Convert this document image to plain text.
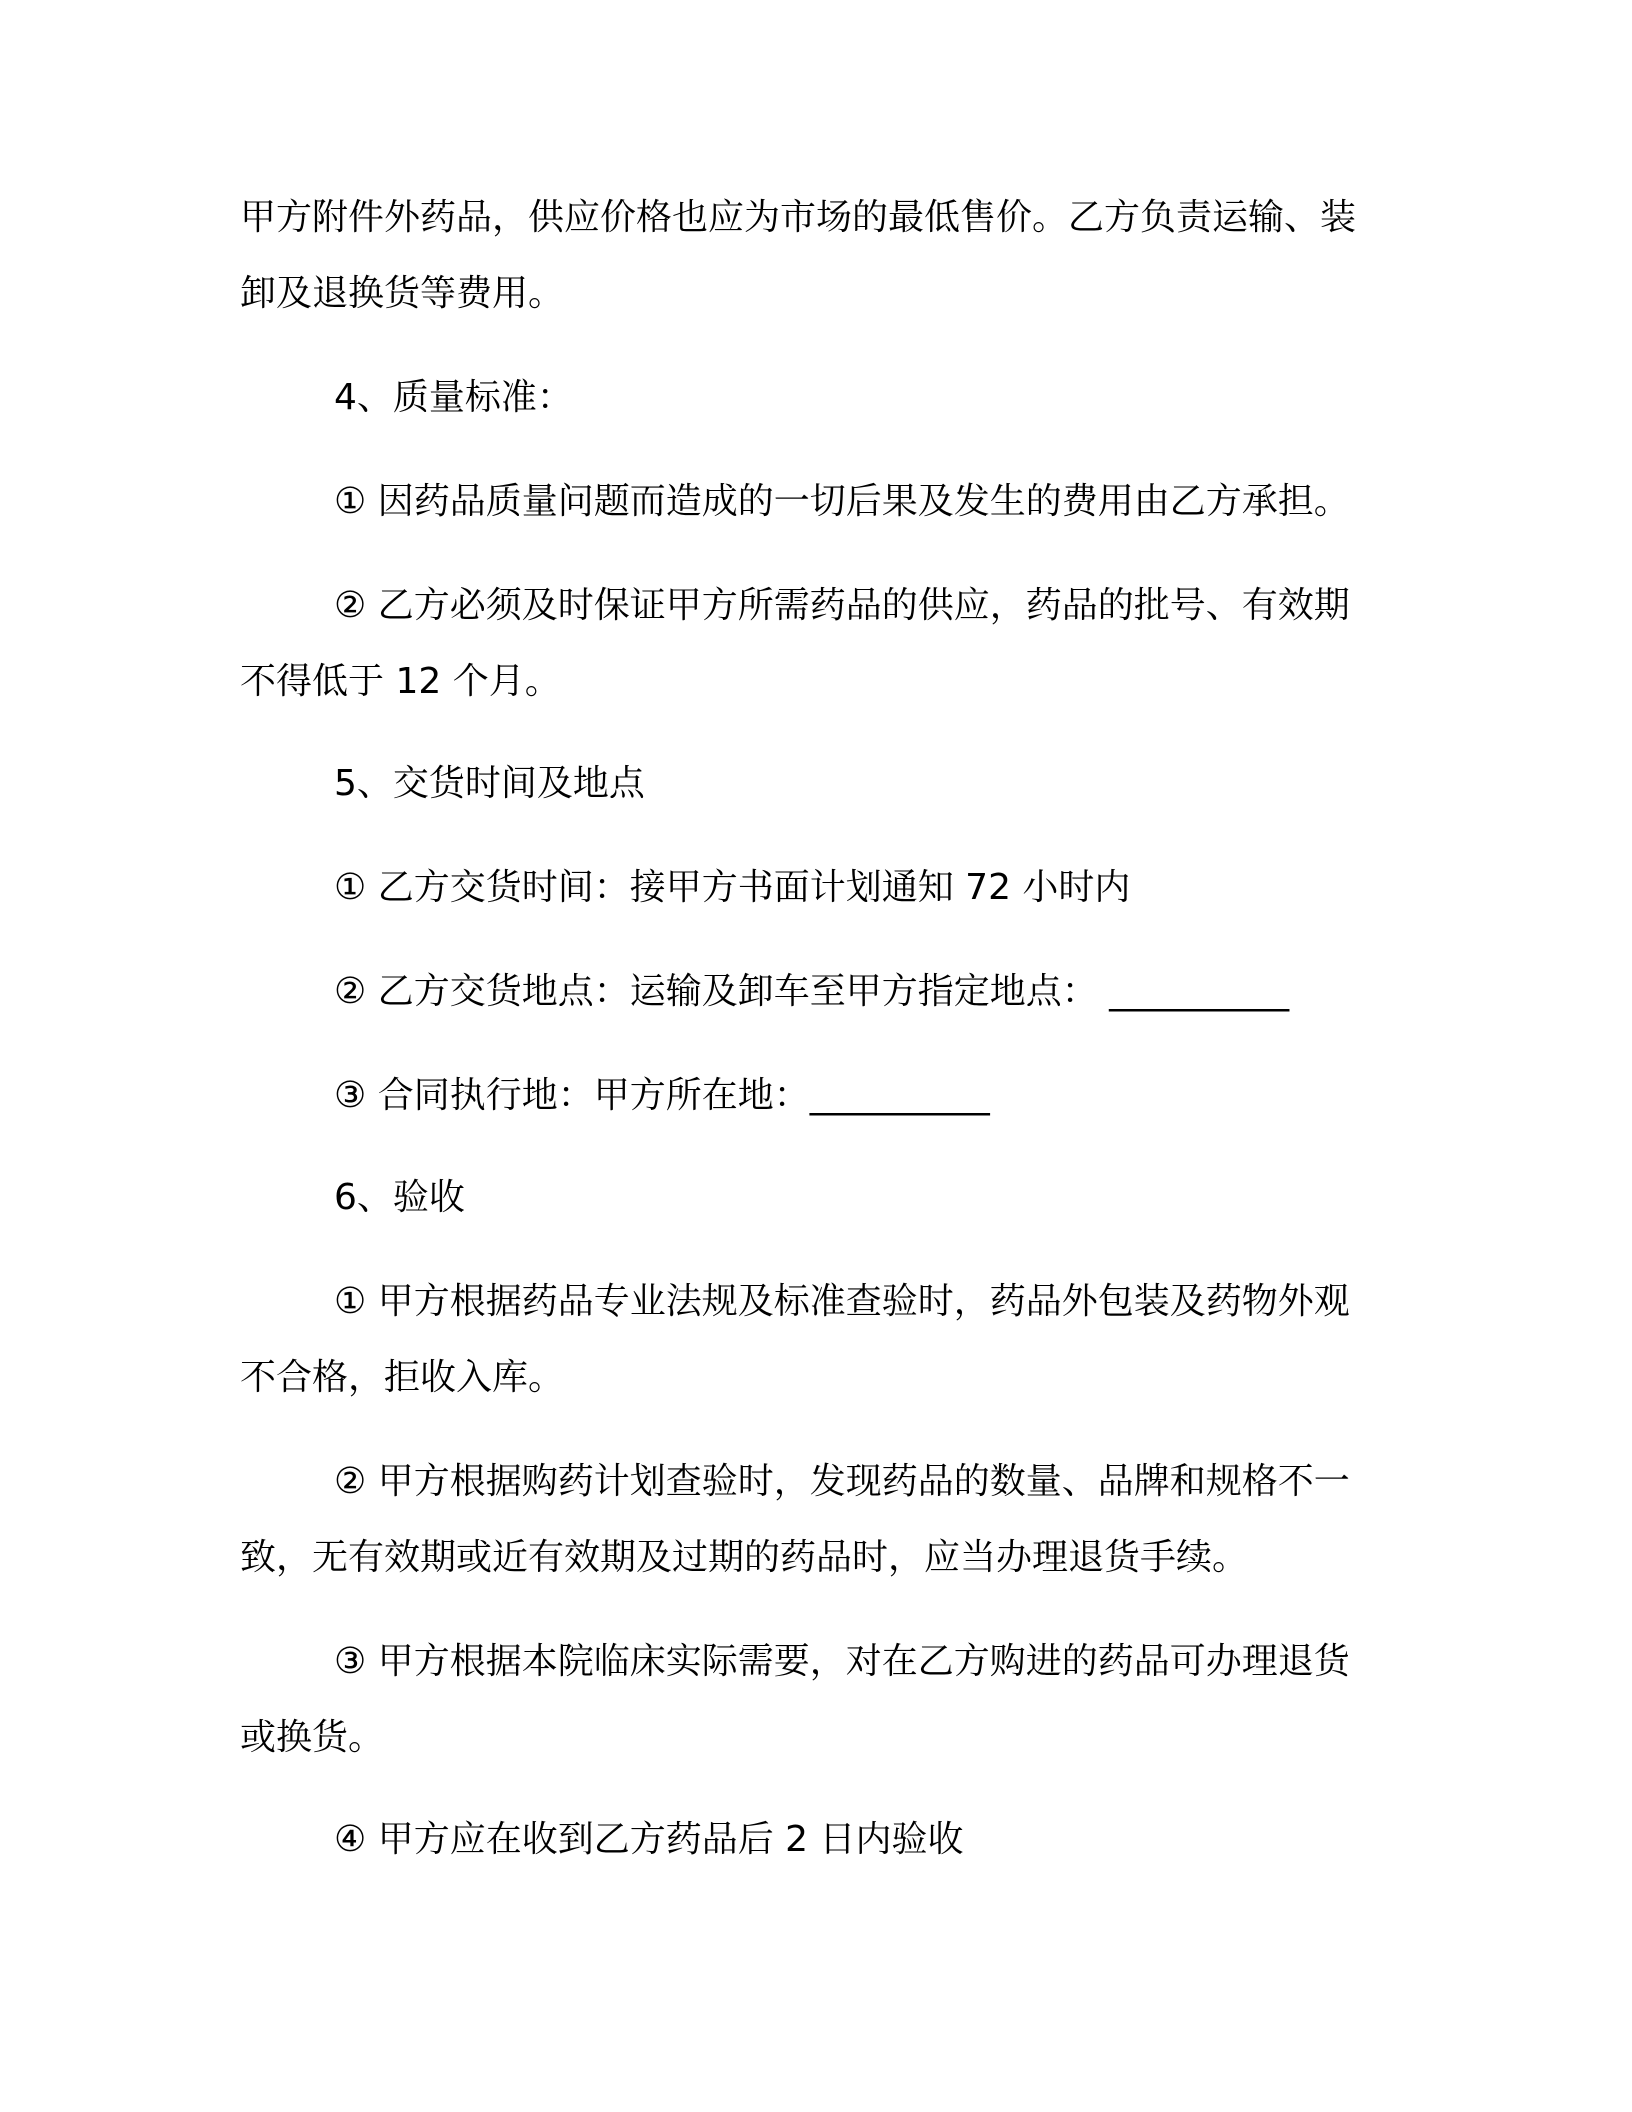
甲方附件外药品，供应价格也应为市场的最低售价。乙方负责运输、装卸及退换货等费用。
4、质量标准：
① 因药品质量问题而造成的一切后果及发生的费用由乙方承担。
② 乙方必须及时保证甲方所需药品的供应，药品的批号、有效期不得低于 12 个月。
5、交货时间及地点
① 乙方交货时间：接甲方书面计划通知 72 小时内
② 乙方交货地点：运输及卸车至甲方指定地点： __________
③ 合同执行地：甲方所在地：__________
6、验收
① 甲方根据药品专业法规及标准查验时，药品外包装及药物外观不合格，拒收入库。
② 甲方根据购药计划查验时，发现药品的数量、品牌和规格不一致，无有效期或近有效期及过期的药品时，应当办理退货手续。
③ 甲方根据本院临床实际需要，对在乙方购进的药品可办理退货或换货。
④ 甲方应在收到乙方药品后 2 日内验收
